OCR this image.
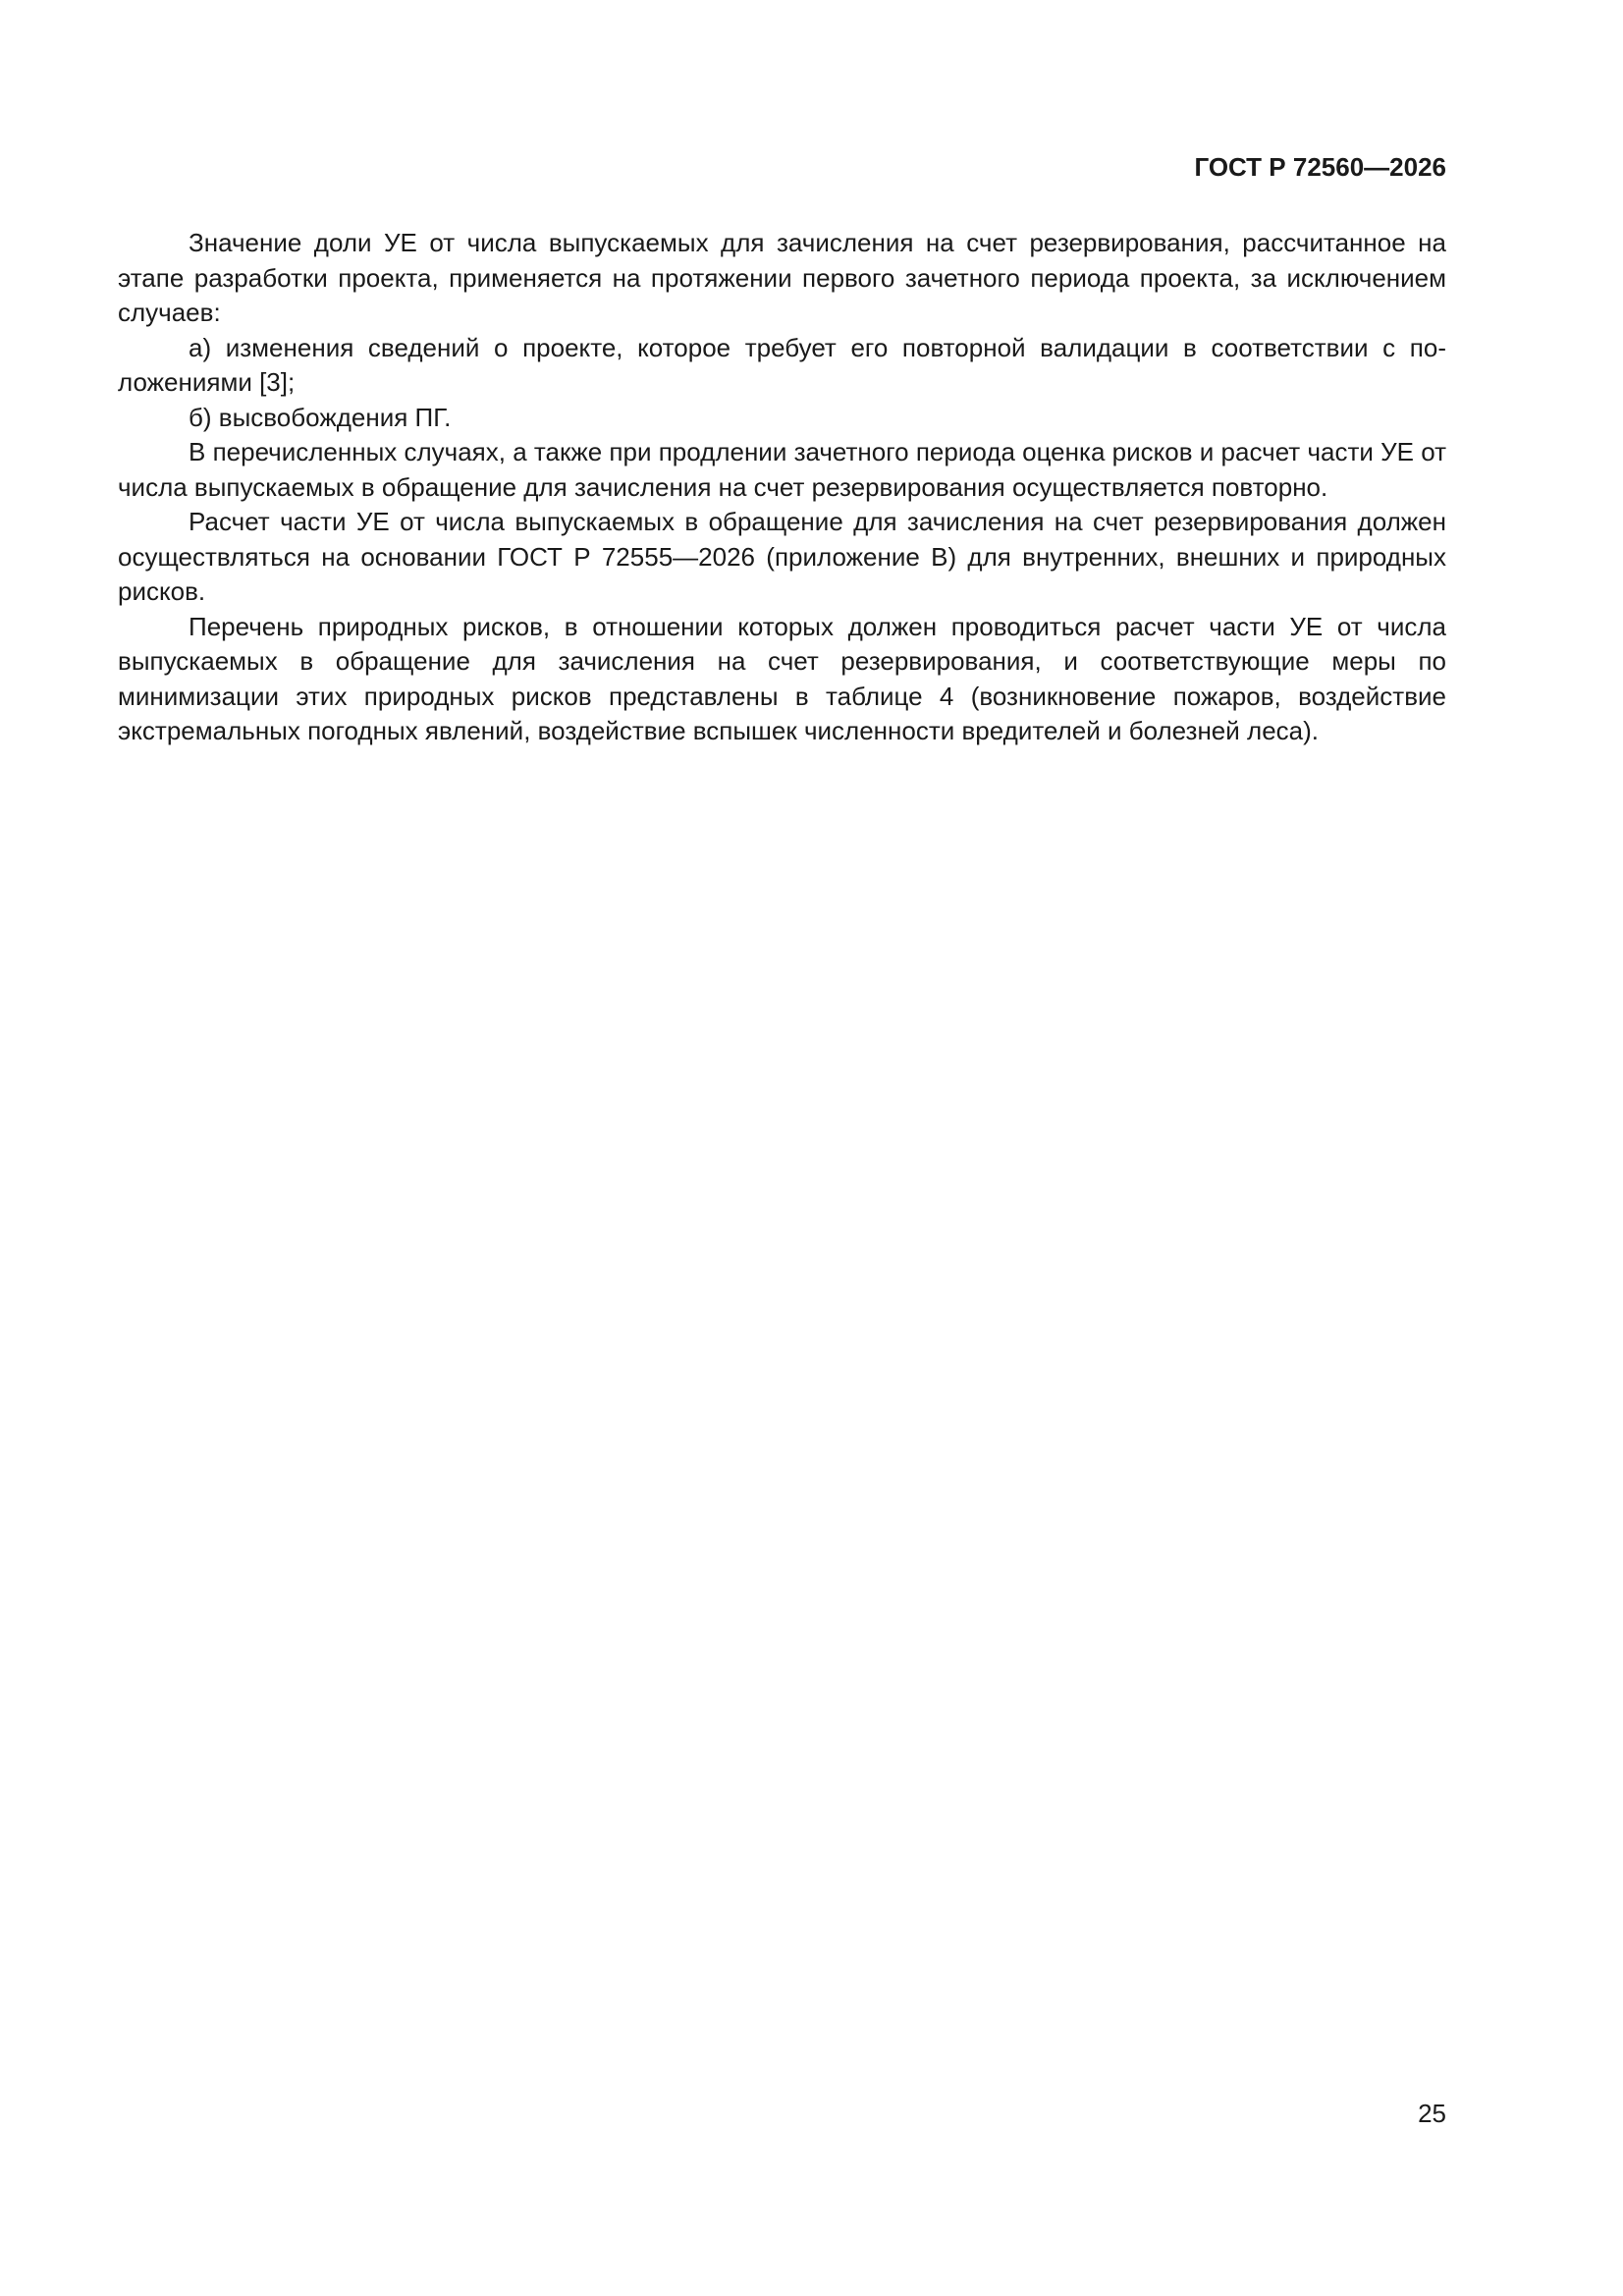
ГОСТ Р 72560—2026

Значение доли УЕ от числа выпускаемых для зачисления на счет резервирования, рассчитанное на этапе разработки проекта, применяется на протяжении первого зачетного периода проекта, за исключением случаев:

а) изменения сведений о проекте, которое требует его повторной валидации в соответствии с положениями [3];

б) высвобождения ПГ.

В перечисленных случаях, а также при продлении зачетного периода оценка рисков и расчет части УЕ от числа выпускаемых в обращение для зачисления на счет резервирования осуществляется повторно.

Расчет части УЕ от числа выпускаемых в обращение для зачисления на счет резервирования должен осуществляться на основании ГОСТ Р 72555—2026 (приложение В) для внутренних, внешних и природных рисков.

Перечень природных рисков, в отношении которых должен проводиться расчет части УЕ от числа выпускаемых в обращение для зачисления на счет резервирования, и соответствующие меры по минимизации этих природных рисков представлены в таблице 4 (возникновение пожаров, воздействие экстремальных погодных явлений, воздействие вспышек численности вредителей и болезней леса).

25
